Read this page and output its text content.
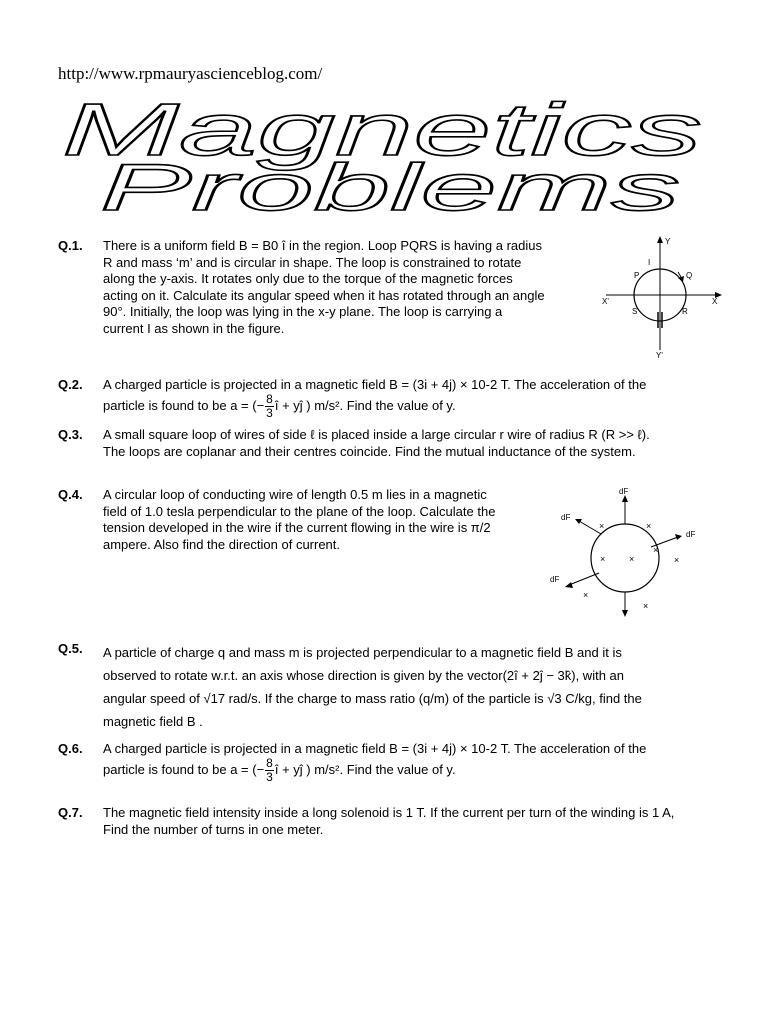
http://www.rpmauryascienceblog.com/
Magnetics
Problems
Q.1. There is a uniform field B = B0 î in the region. Loop PQRS is having a radius
R and mass ‘m’ and is circular in shape. The loop is constrained to rotate
along the y-axis. It rotates only due to the torque of the magnetic forces
acting on it. Calculate its angular speed when it has rotated through an angle
90°. Initially, the loop was lying in the x-y plane. The loop is carrying a
current I as shown in the figure.
Y
Y'
X
X'
P	Q
R
S
I
Q.2. A charged particle is projected in a magnetic field B = (3i + 4j) × 10-2 T. The acceleration of the
particle is found to be a = (− $\frac{8}{3}$ î + yĵ ) m/s². Find the value of y.
Q.3. A small square loop of wires of side ℓ is placed inside a large circular r wire of radius R (R >> ℓ).
The loops are coplanar and their centres coincide. Find the mutual inductance of the system.
Q.4. A circular loop of conducting wire of length 0.5 m lies in a magnetic
field of 1.0 tesla perpendicular to the plane of the loop. Calculate the
tension developed in the wire if the current flowing in the wire is π/2
ampere. Also find the direction of current.
dF
dF
dF
dF
×	×
×
×	×	×
×
×
Q.5. A particle of charge q and mass m is projected perpendicular to a magnetic field B and it is
observed to rotate w.r.t. an axis whose direction is given by the vector(2î + 2ĵ − 3k̂), with an
angular speed of √17 rad/s. If the charge to mass ratio (q/m) of the particle is √3 C/kg, find the
magnetic field B .
Q.6. A charged particle is projected in a magnetic field B = (3i + 4j) × 10-2 T. The acceleration of the
particle is found to be a = (− $\frac{8}{3}$ î + yĵ ) m/s². Find the value of y.
Q.7. The magnetic field intensity inside a long solenoid is 1 T. If the current per turn of the winding is 1 A,
Find the number of turns in one meter.
